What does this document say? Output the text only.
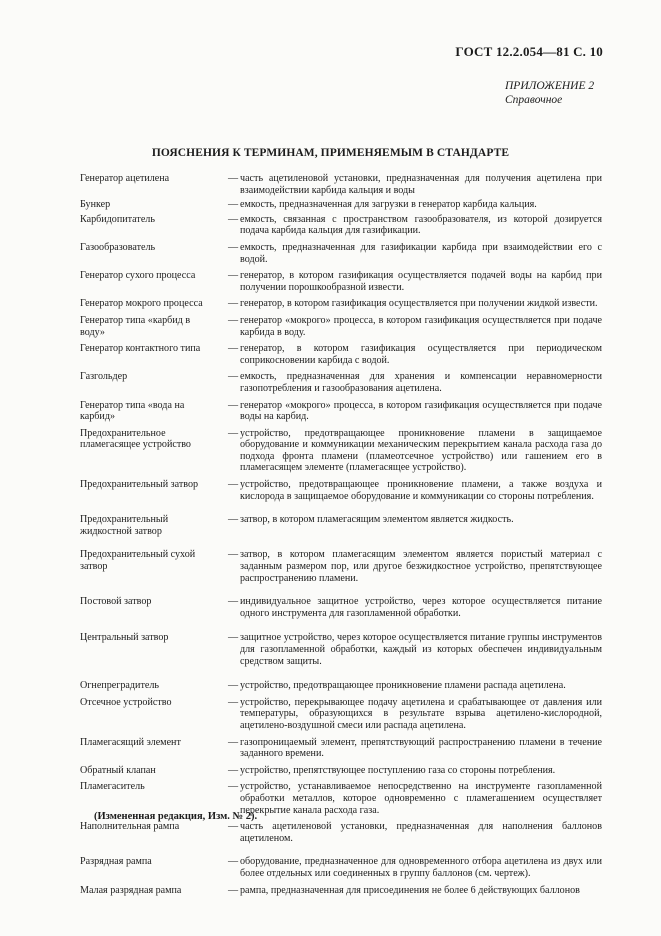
ГОСТ 12.2.054—81 С. 10
ПРИЛОЖЕНИЕ 2
Справочное
ПОЯСНЕНИЯ К ТЕРМИНАМ, ПРИМЕНЯЕМЫМ В СТАНДАРТЕ
Генератор ацетилена	— часть ацетиленовой установки, предназначенная для получения ацетилена при взаимодействии карбида кальция и воды
Бункер	— емкость, предназначенная для загрузки в генератор карбида кальция.
Карбидопитатель	— емкость, связанная с пространством газообразователя, из которой дозируется подача карбида кальция для газификации.
Газообразователь	— емкость, предназначенная для газификации карбида при взаимодействии его с водой.
Генератор сухого процесса	— генератор, в котором газификация осуществляется подачей воды на карбид при получении порошкообразной извести.
Генератор мокрого процесса	— генератор, в котором газификация осуществляется при получении жидкой извести.
Генератор типа «карбид в воду»
— генератор «мокрого» процесса, в котором газификация осуществляется при подаче карбида в воду.
Генератор контактного типа	— генератор, в котором газификация осуществляется при периодическом соприкосновении карбида с водой.
Газгольдер	— емкость, предназначенная для хранения и компенсации неравномерности газопотребления и газообразования ацетилена.
Генератор типа «вода на карбид»
— генератор «мокрого» процесса, в котором газификация осуществляется при подаче воды на карбид.
Предохранительное пламегасящее устройство
— устройство, предотвращающее проникновение пламени в защищаемое оборудование и коммуникации механическим перекрытием канала расхода газа до подхода фронта пламени (пламеотсечное устройство) или гашением его в пламегасящем элементе (пламегасящее устройство).
Предохранительный затвор	— устройство, предотвращающее проникновение пламени, а также воздуха и кислорода в защищаемое оборудование и коммуникации со стороны потребления.
Предохранительный жидкостной затвор
— затвор, в котором пламегасящим элементом является жидкость.
Предохранительный сухой затвор
— затвор, в котором пламегасящим элементом является пористый материал с заданным размером пор, или другое безжидкостное устройство, препятствующее распространению пламени.
Постовой затвор	— индивидуальное защитное устройство, через которое осуществляется питание одного инструмента для газопламенной обработки.
Центральный затвор	— защитное устройство, через которое осуществляется питание группы инструментов для газопламенной обработки, каждый из которых обеспечен индивидуальным средством защиты.
Огнепреградитель	— устройство, предотвращающее проникновение пламени распада ацетилена.
Отсечное устройство	— устройство, перекрывающее подачу ацетилена и срабатывающее от давления или температуры, образующихся в результате взрыва ацетилено-кислородной, ацетилено-воздушной смеси или распада ацетилена.
Пламегасящий элемент	— газопроницаемый элемент, препятствующий распространению пламени в течение заданного времени.
Обратный клапан	— устройство, препятствующее поступлению газа со стороны потребления.
Пламегаситель	— устройство, устанавливаемое непосредственно на инструменте газопламенной обработки металлов, которое одновременно с пламегашением осуществляет перекрытие канала расхода газа.
Наполнительная рампа	— часть ацетиленовой установки, предназначенная для наполнения баллонов ацетиленом.
Разрядная рампа	— оборудование, предназначенное для одновременного отбора ацетилена из двух или более отдельных или соединенных в группу баллонов (см. чертеж).
Малая разрядная рампа	— рампа, предназначенная для присоединения не более 6 действующих баллонов
(Измененная редакция, Изм. № 2).
